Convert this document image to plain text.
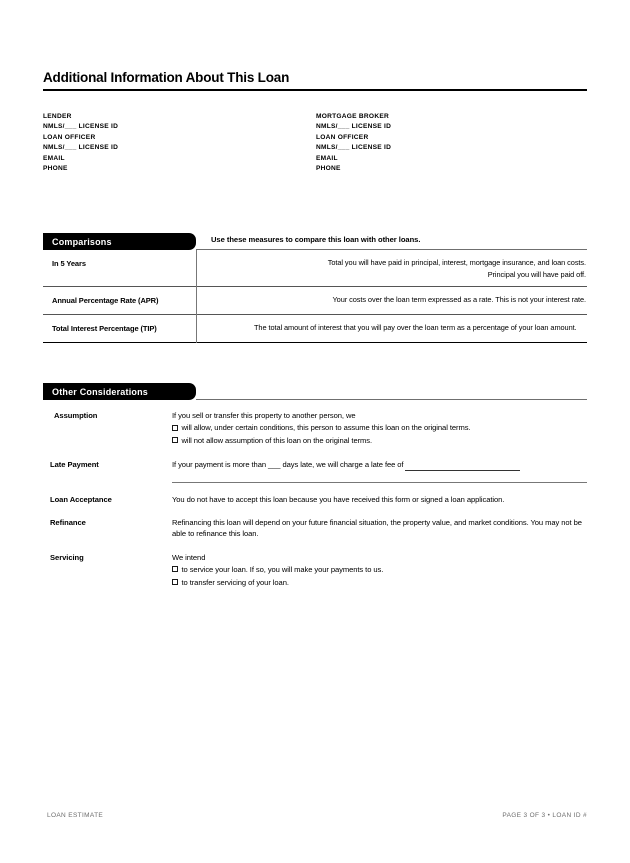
Additional Information About This Loan
LENDER
NMLS/___ LICENSE ID
LOAN OFFICER
NMLS/___ LICENSE ID
EMAIL
PHONE
MORTGAGE BROKER
NMLS/___ LICENSE ID
LOAN OFFICER
NMLS/___ LICENSE ID
EMAIL
PHONE
Comparisons	Use these measures to compare this loan with other loans.
In 5 Years	Total you will have paid in principal, interest, mortgage insurance, and loan costs.
Principal you will have paid off.
Annual Percentage Rate (APR)	Your costs over the loan term expressed as a rate. This is not your interest rate.
Total Interest Percentage (TIP)	The total amount of interest that you will pay over the loan term as a percentage of your loan amount.
Other Considerations
Assumption	If you sell or transfer this property to another person, we

will allow, under certain conditions, this person to assume this loan on the original terms.
will not allow assumption of this loan on the original terms.
Late Payment	If your payment is more than ___ days late, we will charge a late fee of

Loan Acceptance	You do not have to accept this loan because you have received this form or signed a loan application.

Refinance	Refinancing this loan will depend on your future financial situation, the property value, and market conditions. You may not be able to refinance this loan.

Servicing	We intend

to service your loan. If so, you will make your payments to us.
to transfer servicing of your loan.
LOAN ESTIMATE	PAGE 3 OF 3 • LOAN ID #
